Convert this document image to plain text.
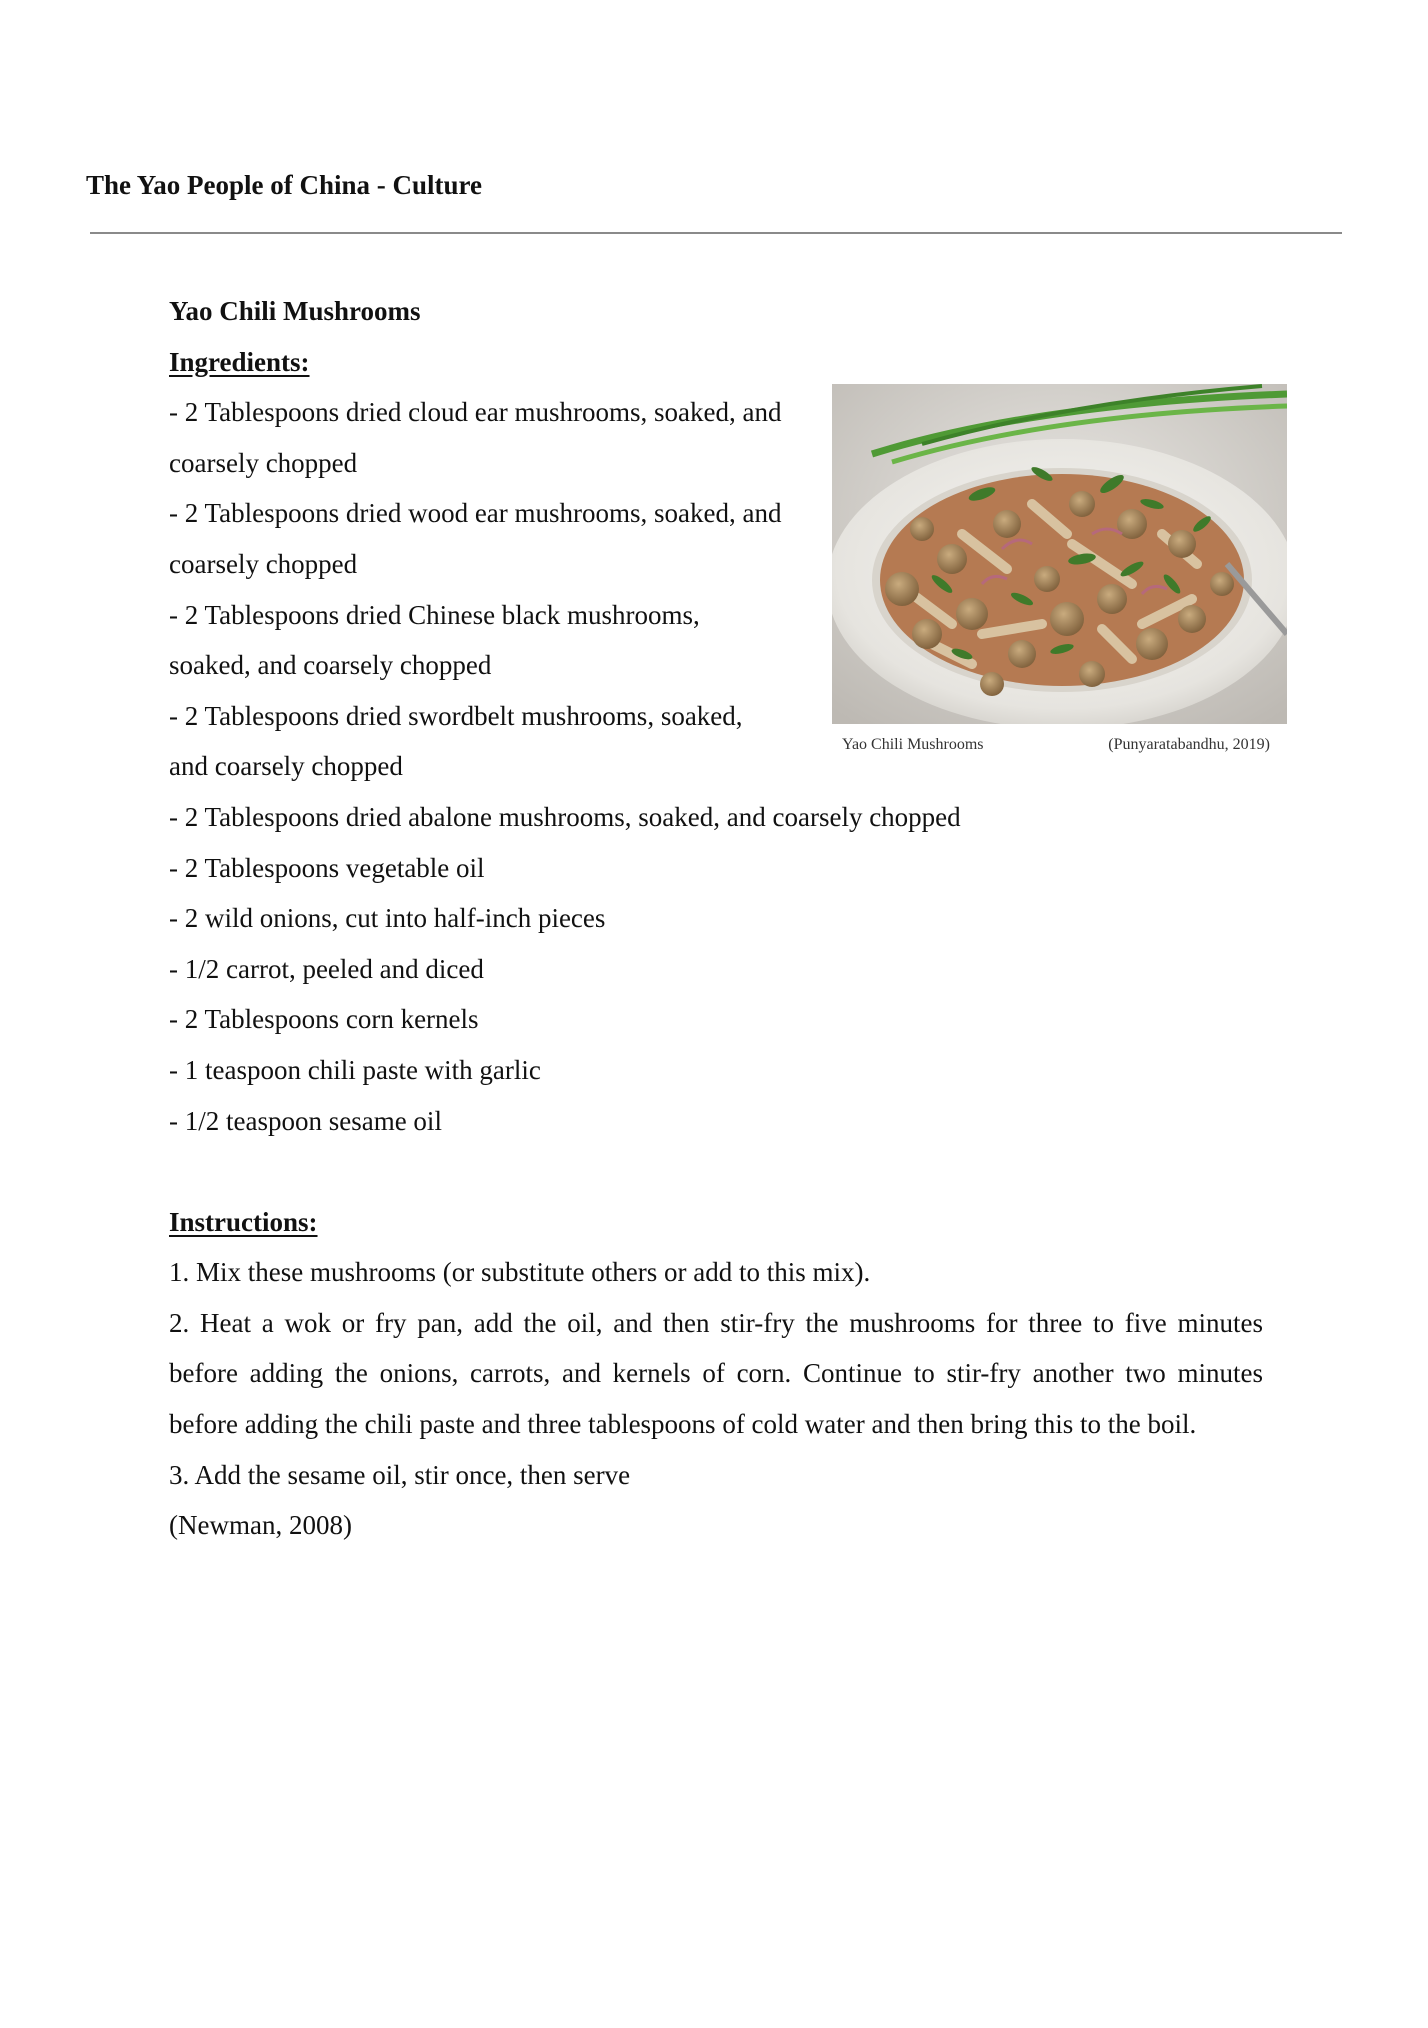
The Yao People of China - Culture
Yao Chili Mushrooms
Ingredients:
- 2 Tablespoons dried cloud ear mushrooms, soaked, and
coarsely chopped
- 2 Tablespoons dried wood ear mushrooms, soaked, and
coarsely chopped
- 2 Tablespoons dried Chinese black mushrooms,
soaked, and coarsely chopped
- 2 Tablespoons dried swordbelt mushrooms, soaked,
and coarsely chopped
- 2 Tablespoons dried abalone mushrooms, soaked, and coarsely chopped
- 2 Tablespoons vegetable oil
- 2 wild onions, cut into half-inch pieces
- 1/2 carrot, peeled and diced
- 2 Tablespoons corn kernels
- 1 teaspoon chili paste with garlic
- 1/2 teaspoon sesame oil
Instructions:
1. Mix these mushrooms (or substitute others or add to this mix).
2. Heat a wok or fry pan, add the oil, and then stir-fry the mushrooms for three to five minutes
before adding the onions, carrots, and kernels of corn. Continue to stir-fry another two minutes
before adding the chili paste and three tablespoons of cold water and then bring this to the boil.
3. Add the sesame oil, stir once, then serve
(Newman, 2008)
Yao Chili Mushrooms	(Punyaratabandhu, 2019)
